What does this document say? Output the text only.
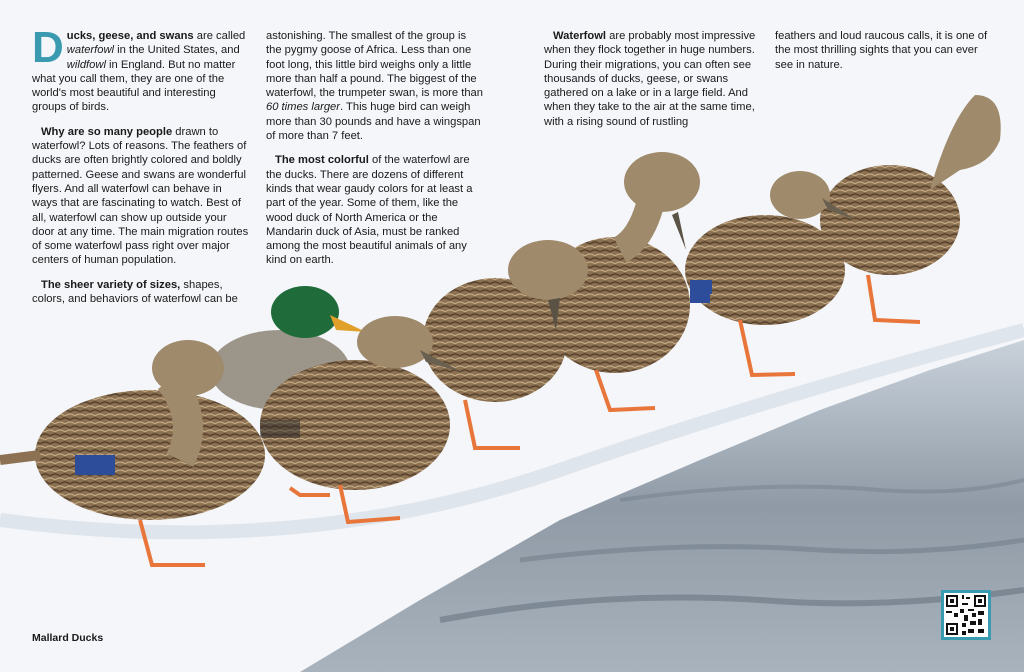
Ducks, geese, and swans are called waterfowl in the United States, and wildfowl in England. But no matter what you call them, they are one of the world's most beautiful and interesting groups of birds.

Why are so many people drawn to waterfowl? Lots of reasons. The feathers of ducks are often brightly colored and boldly patterned. Geese and swans are wonderful flyers. And all waterfowl can behave in ways that are fascinating to watch. Best of all, waterfowl can show up outside your door at any time. The main migration routes of some waterfowl pass right over major centers of human population.

The sheer variety of sizes, shapes, colors, and behaviors of waterfowl can be

astonishing. The smallest of the group is the pygmy goose of Africa. Less than one foot long, this little bird weighs only a little more than half a pound. The biggest of the waterfowl, the trumpeter swan, is more than 60 times larger. This huge bird can weigh more than 30 pounds and have a wingspan of more than 7 feet.

The most colorful of the waterfowl are the ducks. There are dozens of different kinds that wear gaudy colors for at least a part of the year. Some of them, like the wood duck of North America or the Mandarin duck of Asia, must be ranked among the most beautiful animals of any kind on earth.

Waterfowl are probably most impressive when they flock together in huge numbers. During their migrations, you can often see thousands of ducks, geese, or swans gathered on a lake or in a large field. And when they take to the air at the same time, with a rising sound of rustling

feathers and loud raucous calls, it is one of the most thrilling sights that you can ever see in nature.

Mallard Ducks
